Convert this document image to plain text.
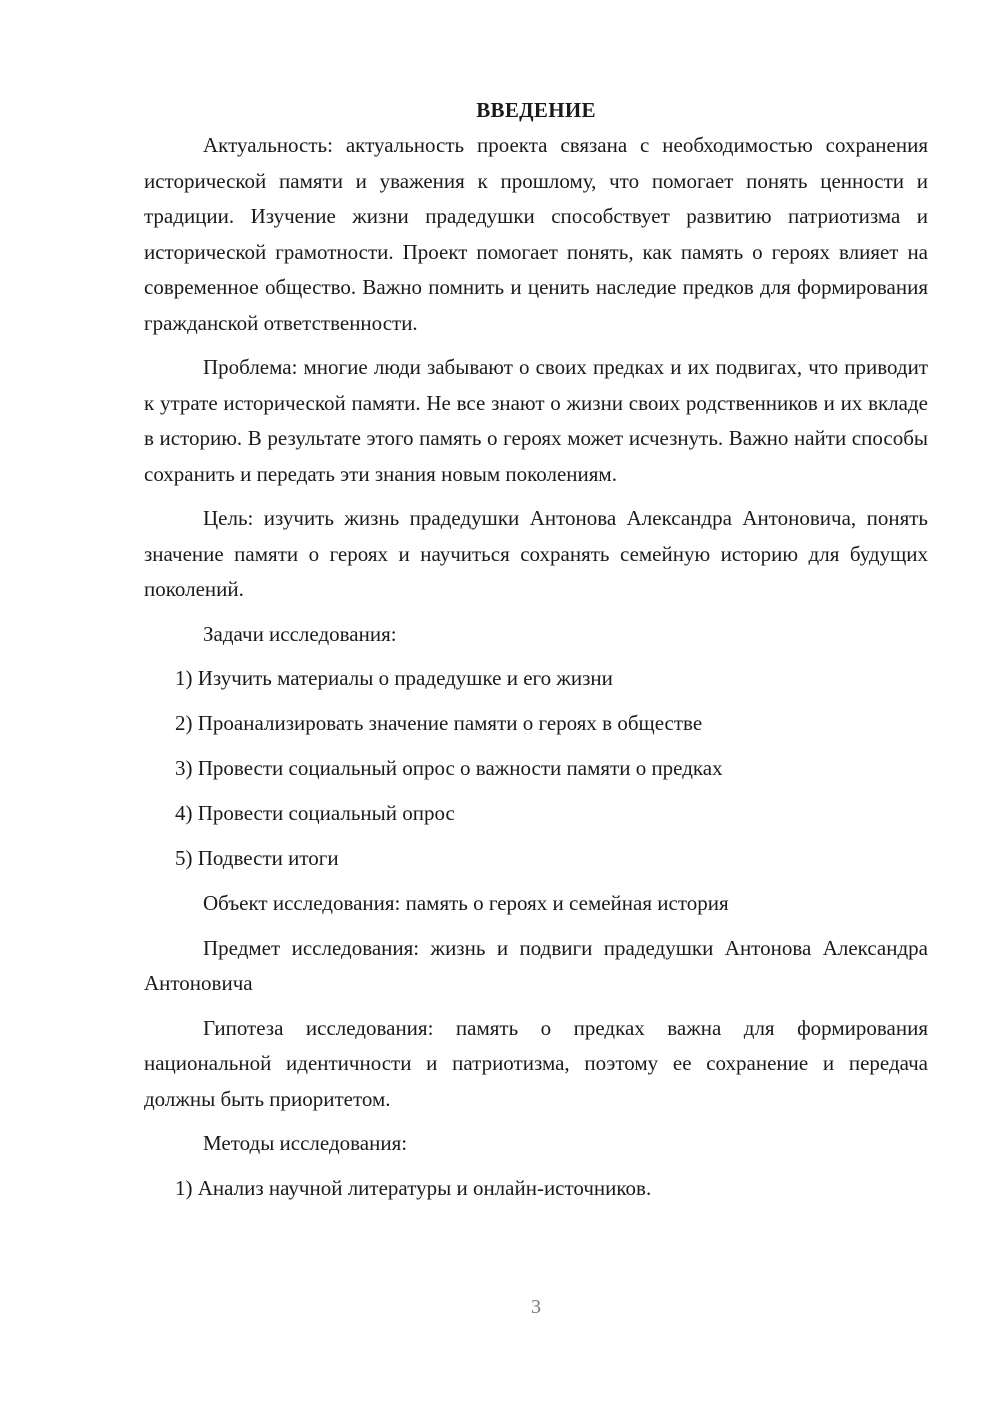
ВВЕДЕНИЕ

Актуальность: актуальность проекта связана с необходимостью сохранения исторической памяти и уважения к прошлому, что помогает понять ценности и традиции. Изучение жизни прадедушки способствует развитию патриотизма и исторической грамотности. Проект помогает понять, как память о героях влияет на современное общество. Важно помнить и ценить наследие предков для формирования гражданской ответственности.

Проблема: многие люди забывают о своих предках и их подвигах, что приводит к утрате исторической памяти. Не все знают о жизни своих родственников и их вкладе в историю. В результате этого память о героях может исчезнуть. Важно найти способы сохранить и передать эти знания новым поколениям.

Цель: изучить жизнь прадедушки Антонова Александра Антоновича, понять значение памяти о героях и научиться сохранять семейную историю для будущих поколений.

Задачи исследования:

1) Изучить материалы о прадедушке и его жизни

2) Проанализировать значение памяти о героях в обществе

3) Провести социальный опрос о важности памяти о предках

4) Провести социальный опрос

5) Подвести итоги

Объект исследования: память о героях и семейная история

Предмет исследования: жизнь и подвиги прадедушки Антонова Александра Антоновича

Гипотеза исследования: память о предках важна для формирования национальной идентичности и патриотизма, поэтому ее сохранение и передача должны быть приоритетом.

Методы исследования:

1) Анализ научной литературы и онлайн-источников.

3
